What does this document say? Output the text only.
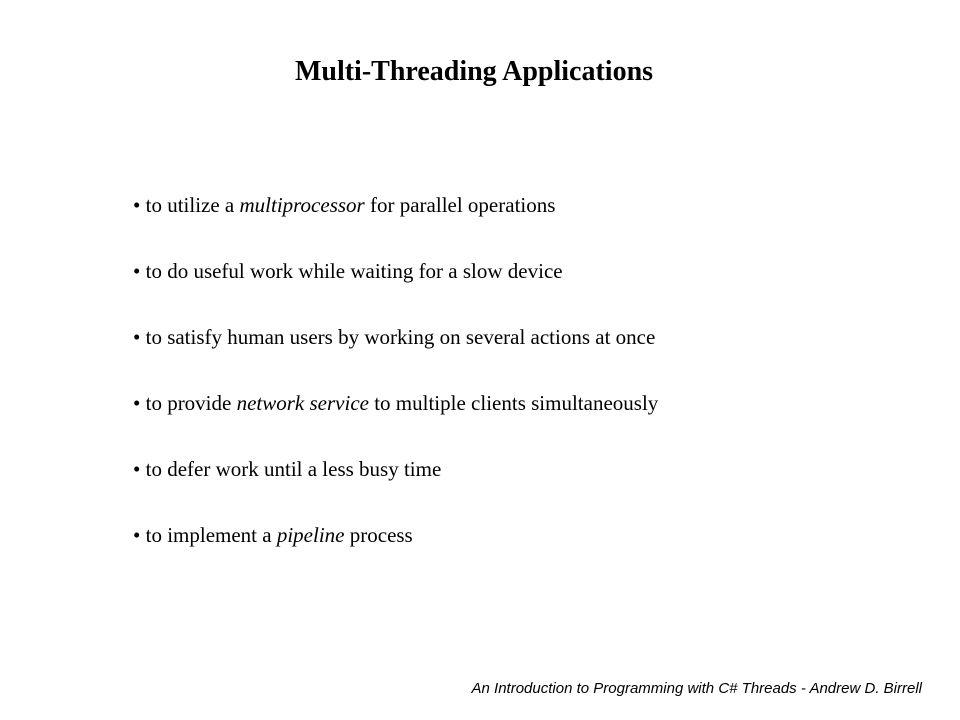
Multi-Threading Applications
• to utilize a multiprocessor for parallel operations
• to do useful work while waiting for a slow device
• to satisfy human users by working on several actions at once
• to provide network service to multiple clients simultaneously
• to defer work until a less busy time
• to implement a pipeline process
An Introduction to Programming with C# Threads - Andrew D. Birrell
